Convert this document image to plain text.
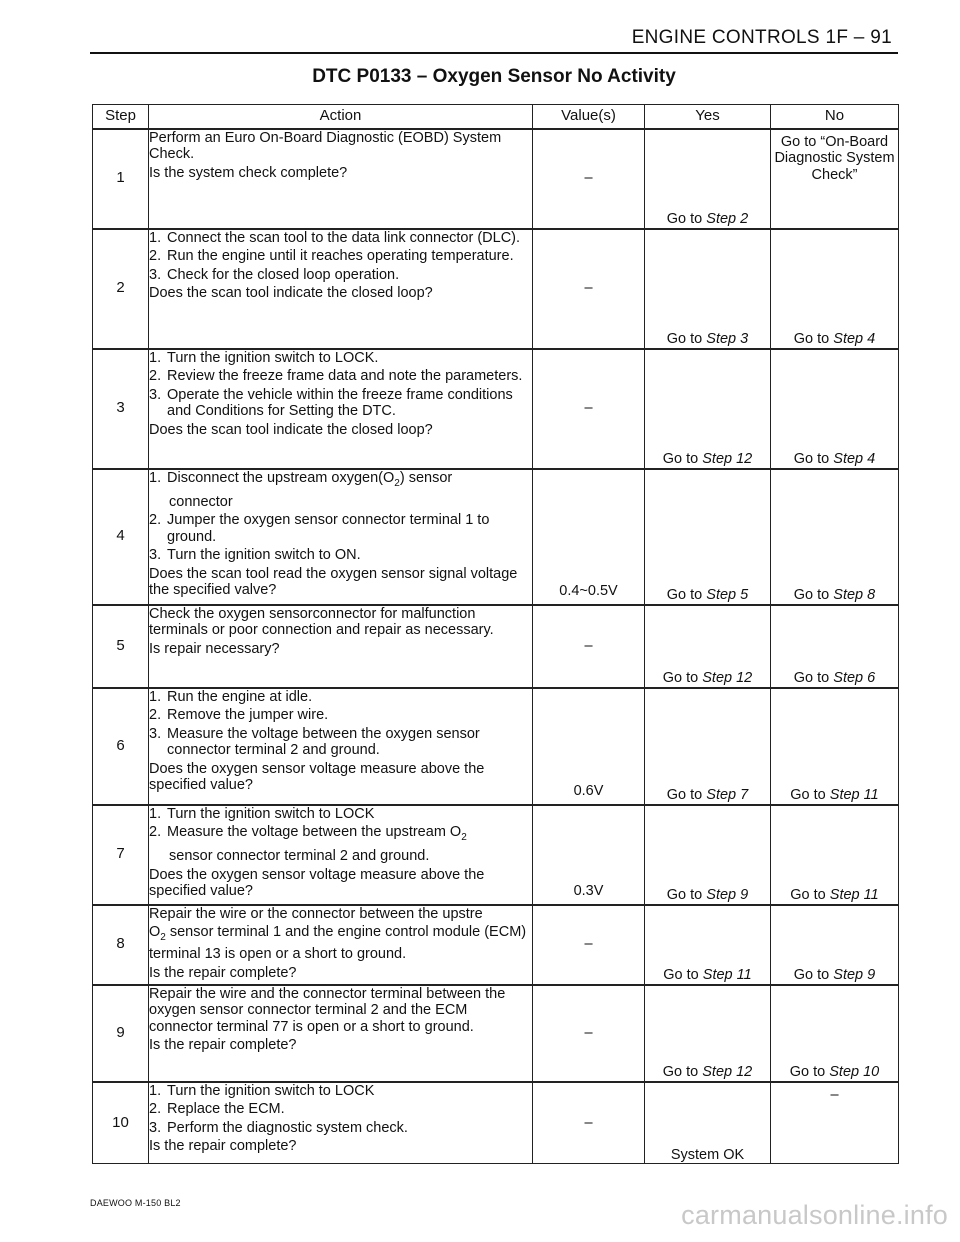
ENGINE CONTROLS 1F – 91
DTC P0133 – Oxygen Sensor No Activity
Step	Action	Value(s)	Yes	No
1	Perform an Euro On-Board Diagnostic (EOBD) System Check.
Is the system check complete?	–	Go to Step 2	Go to “On-Board Diagnostic System Check”
2	1. Connect the scan tool to the data link connector (DLC).
2. Run the engine until it reaches operating temperature.
3. Check for the closed loop operation.
Does the scan tool indicate the closed loop?	–	Go to Step 3	Go to Step 4
3	1. Turn the ignition switch to LOCK.
2. Review the freeze frame data and note the parameters.
3. Operate the vehicle within the freeze frame conditions and Conditions for Setting the DTC.
Does the scan tool indicate the closed loop?	–	Go to Step 12	Go to Step 4
4	1. Disconnect the upstream $oxygen(O_2)$ sensor
connector
2. Jumper the oxygen sensor connector terminal 1 to ground.
3. Turn the ignition switch to ON.
Does the scan tool read the oxygen sensor signal voltage the specified valve?	0.4~0.5V	Go to Step 5	Go to Step 8
5	Check the oxygen sensorconnector for malfunction terminals or poor connection and repair as necessary.
Is repair necessary?	–	Go to Step 12	Go to Step 6
6	1. Run the engine at idle.
2. Remove the jumper wire.
3. Measure the voltage between the oxygen sensor connector terminal 2 and ground.
Does the oxygen sensor voltage measure above the specified value?	0.6V	Go to Step 7	Go to Step 11
7	1. Turn the ignition switch to LOCK
2. Measure the voltage between the upstream $O_2$
sensor connector terminal 2 and ground.
Does the oxygen sensor voltage measure above the specified value?	0.3V	Go to Step 9	Go to Step 11
8	Repair the wire or the connector between the upstre
$O_2$ sensor terminal 1 and the engine control module (ECM) terminal 13 is open or a short to ground.
Is the repair complete?	–	Go to Step 11	Go to Step 9
9	Repair the wire and the connector terminal between the oxygen sensor connector terminal 2 and the ECM connector terminal 77 is open or a short to ground.
Is the repair complete?	–	Go to Step 12	Go to Step 10
10	1. Turn the ignition switch to LOCK
2. Replace the ECM.
3. Perform the diagnostic system check.
Is the repair complete?	–	System OK	–
DAEWOO M-150 BL2	carmanualsonline.info
